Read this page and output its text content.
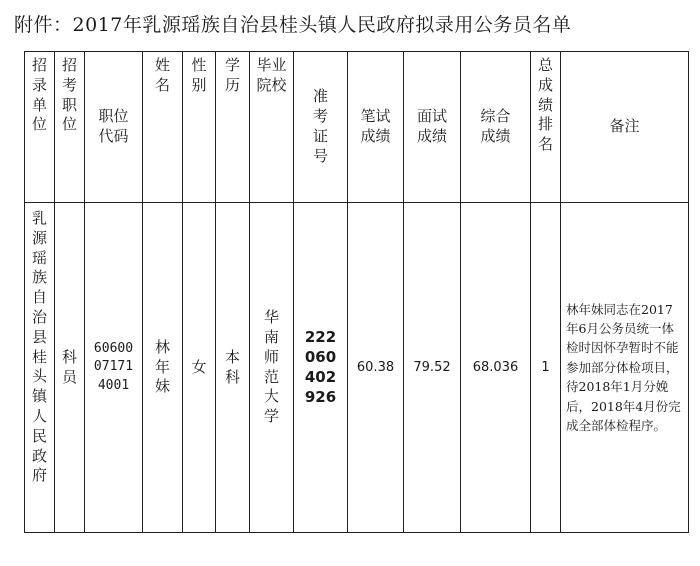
附件：2017年乳源瑶族自治县桂头镇人民政府拟录用公务员名单
招录单位	招考职位	职位代码	姓名	性别	学历	毕业院校	准考证号	笔试成绩	面试成绩	综合成绩	总成绩排名	备注
乳源瑶族自治县桂头镇人民政府	科员	60600071714001	林年妹	女	本科	华南师范大学	222060402926	60.38	79.52	68.036	1	林年妹同志在2017年6月公务员统一体检时因怀孕暂时不能参加部分体检项目，待2018年1月分娩后，2018年4月份完成全部体检程序。
